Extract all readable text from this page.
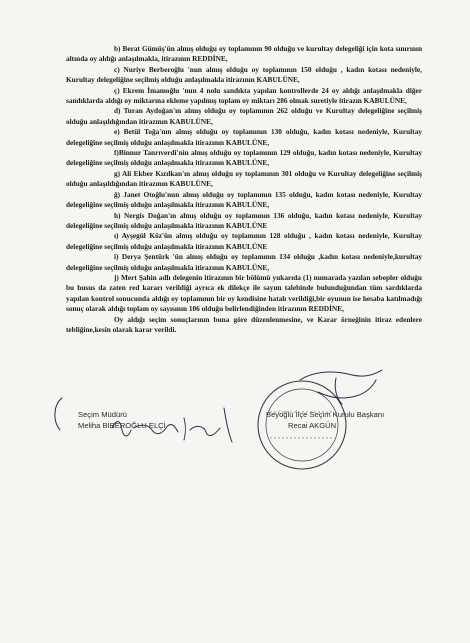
b) Berat Gümüş'ün almış olduğu oy toplamının 90 olduğu ve kurultay delegeliği için kota sınırının altında oy aldığı anlaşılmakla, itirazının REDDİNE,

c) Nuriye Berberoğlu 'nun almış olduğu oy toplamının 150 olduğu , kadın kotası nedeniyle, Kurultay delegeliğine seçilmiş olduğu anlaşılmakla itirazının KABULÜNE,

ç) Ekrem İmamoğlu 'nun 4 nolu sandıkta yapılan kontrollerde 24 oy aldığı anlaşılmakla diğer sandıklarda aldığı oy miktarına ekleme yapılmış toplam oy miktarı 286 olmak suretiyle itirazın KABULÜNE,

d) Turan Aydoğan'ın almış olduğu oy toplamının 262 olduğu ve Kurultay delegeliğine seçilmiş olduğu anlaşıldığından itirazının KABULÜNE,

e) Betül Toğa'nın almış olduğu oy toplamının 130 olduğu, kadın kotası nedeniyle, Kurultay delegeliğine seçilmiş olduğu anlaşılmakla itirazının KABULÜNE,

f)Binnur Tanrıverdi'nin almış olduğu oy toplamının 129 olduğu, kadın kotası nedeniyle, Kurultay delegeliğine seçilmiş olduğu anlaşılmakla itirazının KABULÜNE,

g) Ali Ekber Kızılkan'ın almış olduğu oy toplamının 301 olduğu ve Kurultay delegeliğine seçilmiş olduğu anlaşıldığından itirazının KABULÜNE,

ğ) Janet Otoğlu'nun almış olduğu oy toplamının 135 olduğu, kadın kotası nedeniyle, Kurultay delegeliğine seçilmiş olduğu anlaşılmakla itirazının KABULÜNE,

h) Nergis Doğan'ın almış olduğu oy toplamının 136 olduğu, kadın kotası nedeniyle, Kurultay delegeliğine seçilmiş olduğu anlaşılmakla itirazının KABULÜNE

ı) Ayşegül Köz'ün almış olduğu oy toplamının 128 olduğu , kadın kotası nedeniyle, Kurultay delegeliğine seçilmiş olduğu anlaşılmakla itirazının KABULÜNE

i) Derya Şentürk 'ün almış olduğu oy toplamının 134 olduğu ,kadın kotası nedeniyle,kurultay delegeliğine seçilmiş olduğu anlaşılmakla itirazının KABULÜNE,

j) Mert Şahin adlı delegenin itirazının bir bölümü yukarıda (1) numarada yazılan sebepler olduğu bu husus da zaten red kararı verildiği ayrıca ek dilekçe ile sayım talebinde bulunduğundan tüm sardıklarda yapılan kontrol sonucunda aldığı oy toplamının bir oy kendisine hatalı verildiği,bir oyunun ise hesaba katılmadığı sonuç olarak aldığı toplam oy sayısının 106 olduğu belirlendiğinden itirazının REDDİNE,

Oy aldığı seçim sonuçlarının buna göre düzenlenmesine, ve Karar örneğinin itiraz edenlere tebliğine,kesin olarak karar verildi.

Seçim Müdürü
Meliha BİBEROĞLU ELÇİ
Beyoğlu İlçe Seçim Kurulu Başkanı
Recai AKGÜN
